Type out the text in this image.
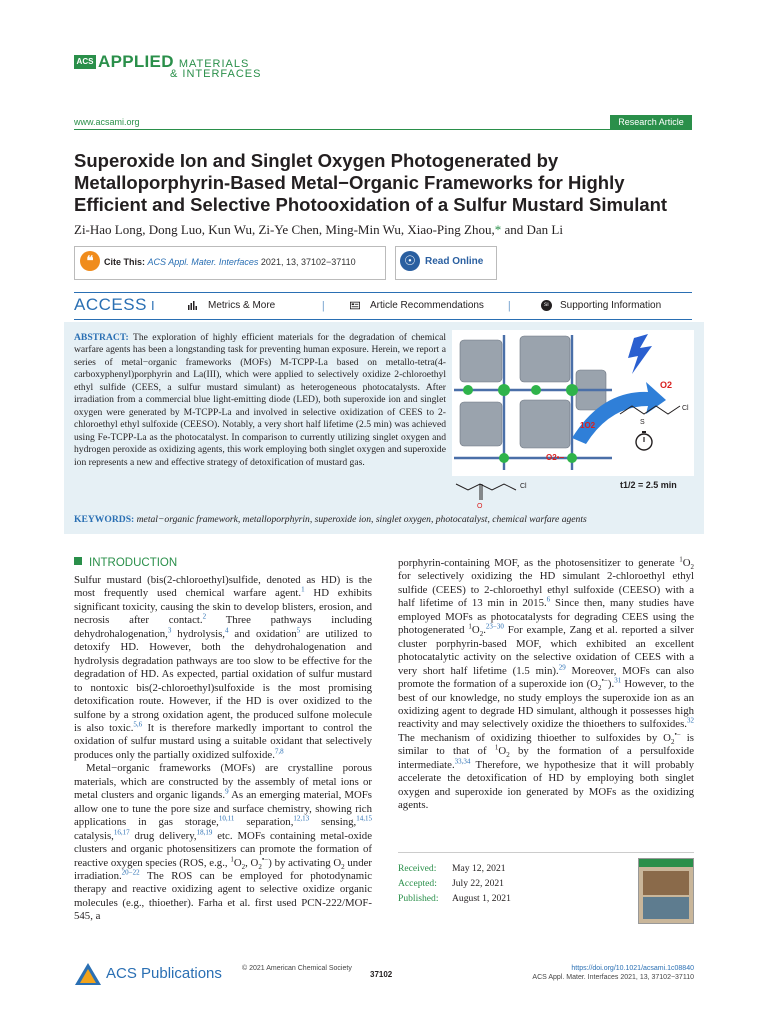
ACS APPLIED MATERIALS
& INTERFACES
www.acsami.org	Research Article
Superoxide Ion and Singlet Oxygen Photogenerated by Metalloporphyrin-Based Metal−Organic Frameworks for Highly Efficient and Selective Photooxidation of a Sulfur Mustard Simulant
Zi-Hao Long, Dong Luo, Kun Wu, Zi-Ye Chen, Ming-Min Wu, Xiao-Ping Zhou,* and Dan Li
❝	Cite This: ACS Appl. Mater. Interfaces 2021, 13, 37102−37110	☉ Read Online
ACCESS I	Metrics & More	|	Article Recommendations |	sı	Supporting Information
ABSTRACT: The exploration of highly efficient materials for the degradation of chemical warfare agents has been a longstanding task for preventing human exposure. Herein, we report a series of metal−organic frameworks (MOFs) M-TCPP-La based on metallo-tetra(4-carboxyphenyl)porphyrin and La(III), which were applied to selectively oxidize 2-chloroethyl ethyl sulfide (CEES, a sulfur mustard simulant) as heterogeneous photocatalysts. After irradiation from a commercial blue light-emitting diode (LED), both superoxide ion and singlet oxygen were generated by M-TCPP-La and involved in selective oxidization of CEES to 2-chloroethyl ethyl sulfoxide (CEESO). Notably, a very short half lifetime (2.5 min) was achieved using Fe-TCPP-La as the photocatalyst. In comparison to currently utilizing singlet oxygen and hydrogen peroxide as oxidizing agents, this work employing both singlet oxygen and superoxide ion represents a new and effective strategy of detoxification of mustard gas.
1O2
O2•−
O2
S
Cl
O
Cl	t1/2 = 2.5 min
KEYWORDS: metal−organic framework, metalloporphyrin, superoxide ion, singlet oxygen, photocatalyst, chemical warfare agents
INTRODUCTION

Sulfur mustard (bis(2-chloroethyl)sulfide, denoted as HD) is the most frequently used chemical warfare agent.$^1$ HD exhibits significant toxicity, causing the skin to develop blisters, erosion, and necrosis after contact.$^2$ Three pathways including dehydrohalogenation,$^3$ hydrolysis,$^4$ and oxidation$^5$ are utilized to detoxify HD. However, both the dehydrohalogenation and hydrolysis degradation pathways are too slow to be effective for the degradation of HD. As expected, partial oxidation of sulfur mustard to nontoxic bis(2-chloroethyl)sulfoxide is the most promising detoxification route. However, if the HD is over oxidized to the sulfone by a strong oxidation agent, the produced sulfone molecule is also toxic.$^{5,6}$ It is therefore markedly important to control the oxidation of sulfur mustard using a suitable oxidant that selectively produces only the partially oxidized sulfoxide.$^{7,8}$

Metal−organic frameworks (MOFs) are crystalline porous materials, which are constructed by the assembly of metal ions or metal clusters and organic ligands.$^9$ As an emerging material, MOFs allow one to tune the pore size and surface chemistry, showing rich applications in gas storage,$^{10,11}$ separation,$^{12,13}$ sensing,$^{14,15}$ catalysis,$^{16,17}$ drug delivery,$^{18,19}$ etc. MOFs containing metal-oxide clusters and organic photosensitizers can promote the formation of reactive oxygen species (ROS, e.g., $^1O_2$, $O_2^{•-}$) by activating $O_2$ under irradiation.$^{20-22}$ The ROS can be employed for photodynamic therapy and reactive oxidizing agent to selective oxidize organic molecules (e.g., thioether). Farha et al. first used PCN-222/MOF-545, a

porphyrin-containing MOF, as the photosensitizer to generate $^1O_2$ for selectively oxidizing the HD simulant 2-chloroethyl ethyl sulfide (CEES) to 2-chloroethyl ethyl sulfoxide (CEESO) with a half lifetime of 13 min in 2015.$^6$ Since then, many studies have employed MOFs as photocatalysts for degrading CEES using the photogenerated $^1O_2.^{23-30}$ For example, Zang et al. reported a silver cluster porphyrin-based MOF, which exhibited an excellent photocatalytic activity on the selective oxidation of CEES with a very short half lifetime (1.5 min).$^{29}$ Moreover, MOFs can also promote the formation of a superoxide ion $(O_2^{•-}).^{31}$ However, to the best of our knowledge, no study employs the superoxide ion as an oxidizing agent to degrade HD simulant, although it possesses high reactivity and may selectively oxidize the thioethers to sulfoxides.$^{32}$ The mechanism of oxidizing thioether to sulfoxides by $O_2^{•-}$ is similar to that of $^1O_2$ by the formation of a persulfoxide intermediate.$^{33,34}$ Therefore, we hypothesize that it will probably accelerate the detoxification of HD by employing both singlet oxygen and superoxide ion generated by MOFs as the oxidizing agents.

Received: May 12, 2021
Accepted: July 22, 2021
Published: August 1, 2021
ACS Publications	© 2021 American Chemical Society
37102
https://doi.org/10.1021/acsami.1c08840
ACS Appl. Mater. Interfaces 2021, 13, 37102−37110
